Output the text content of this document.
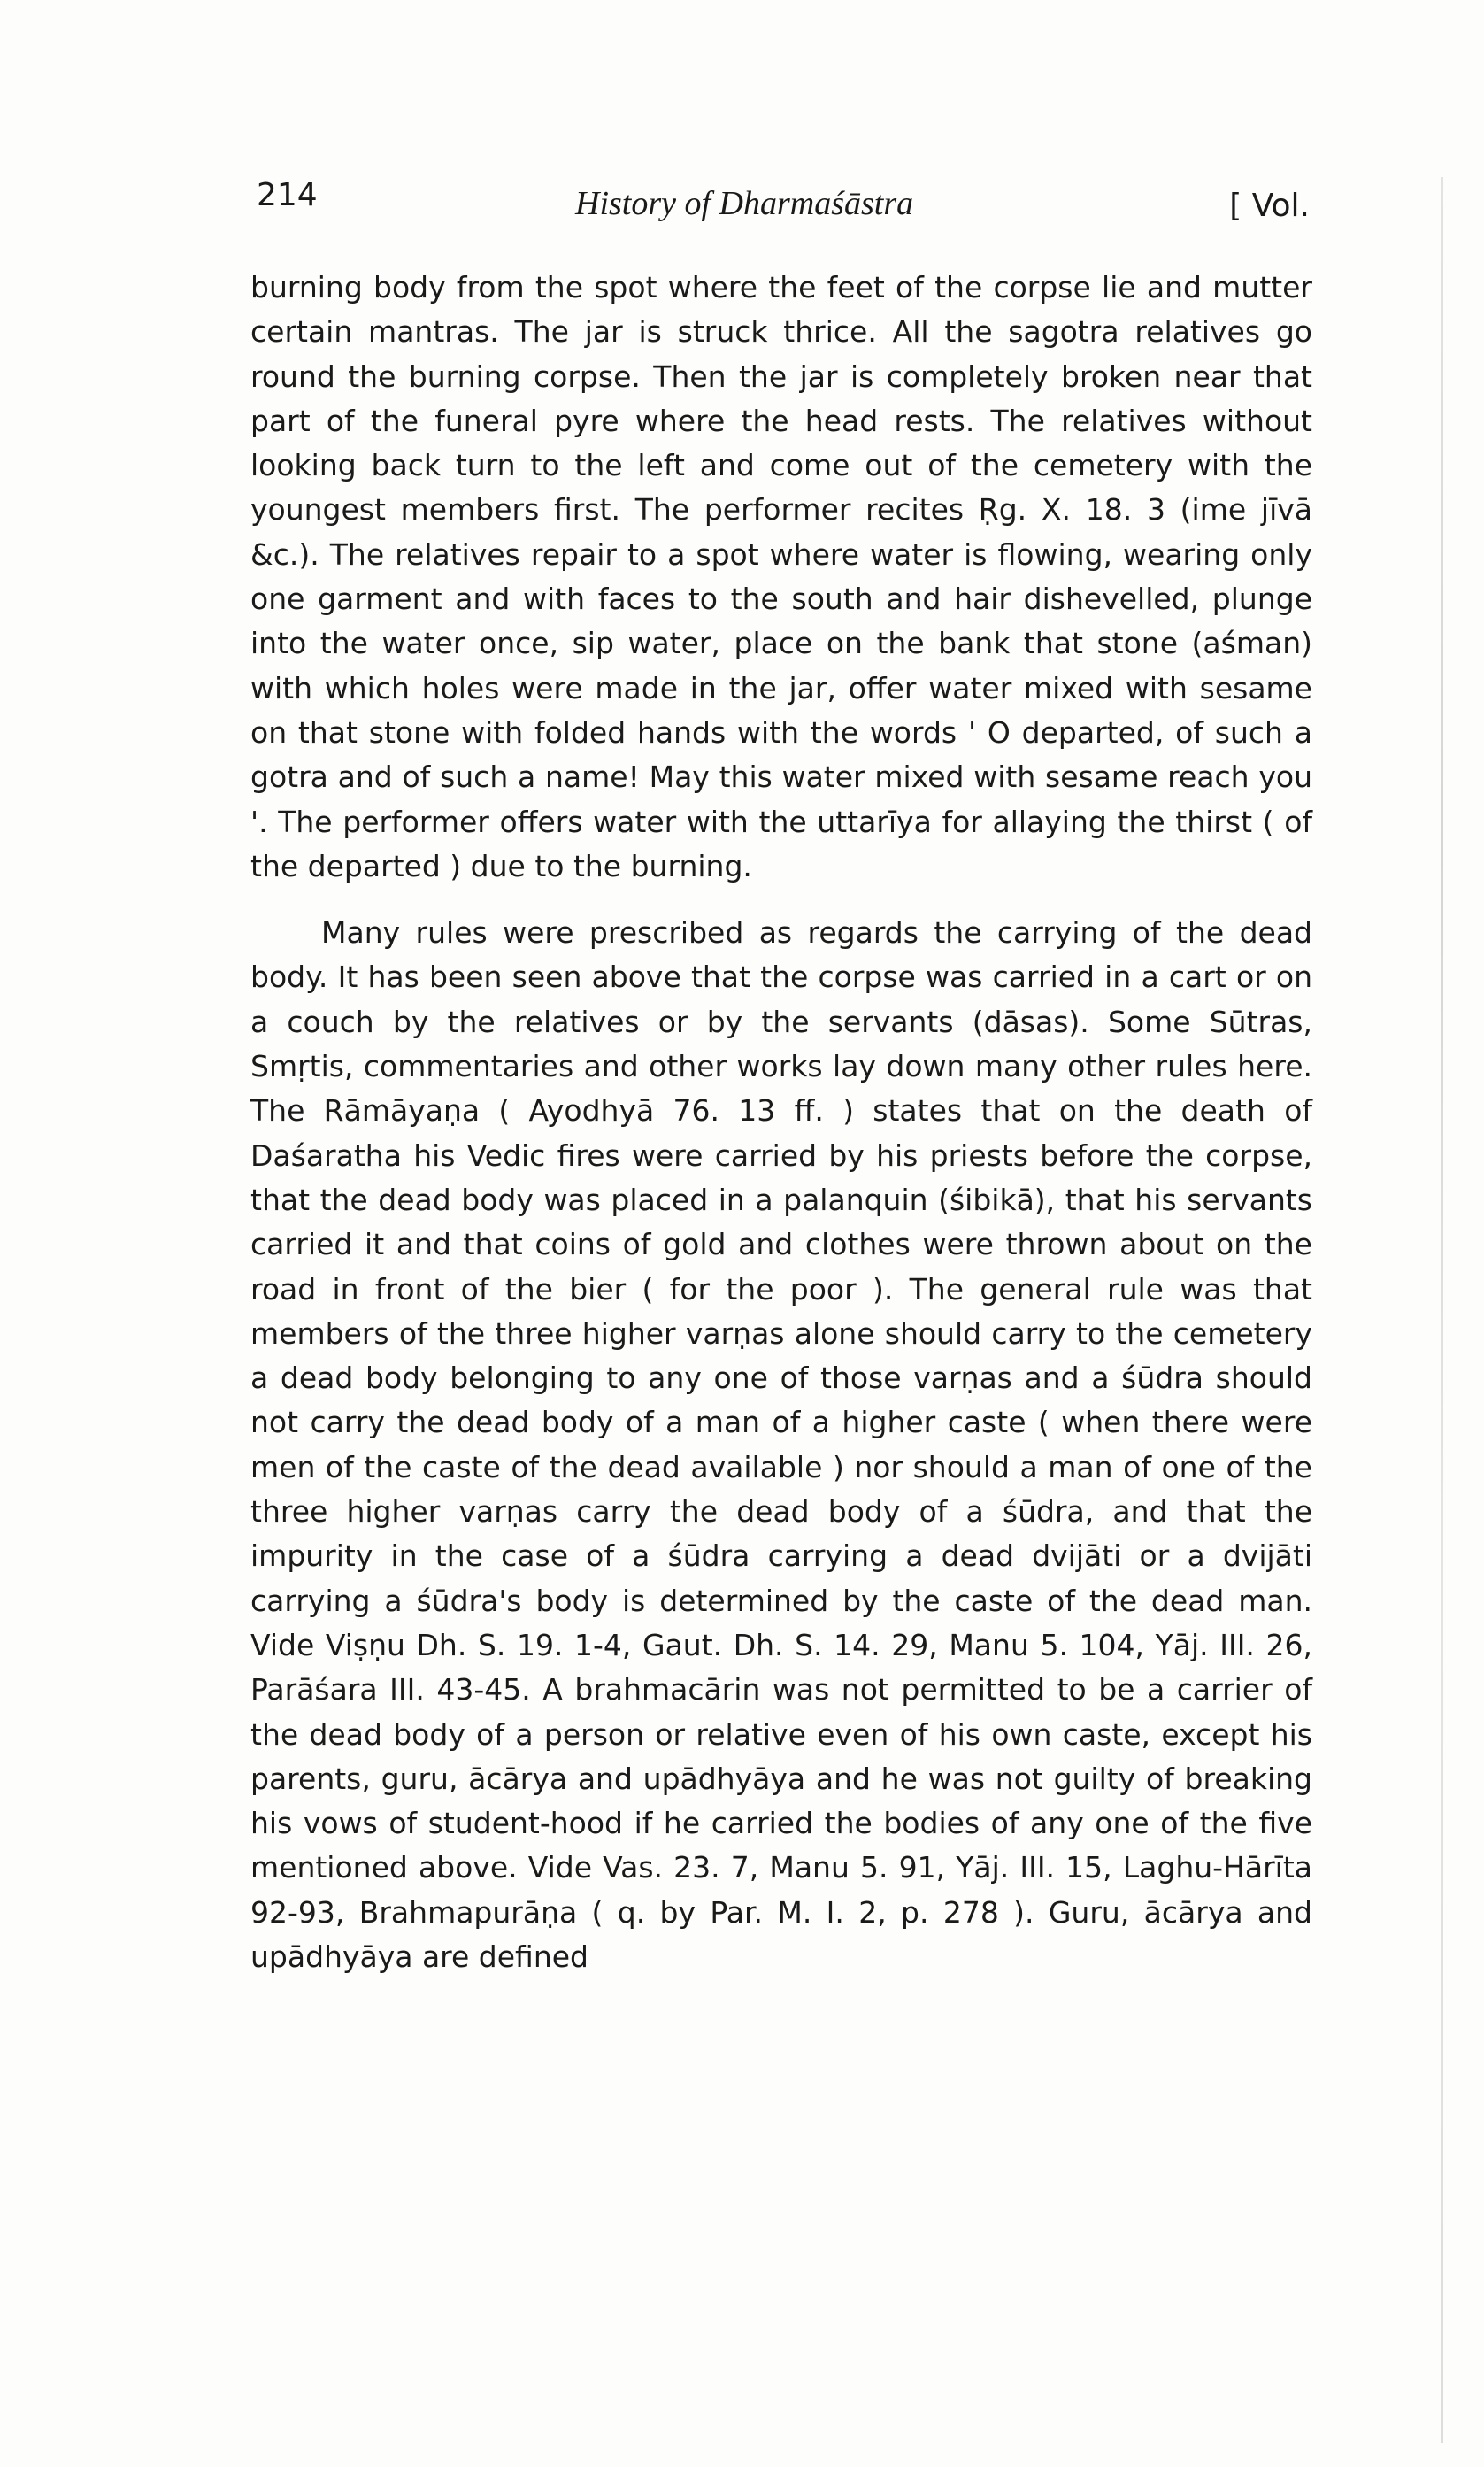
214	History of Dharmaśāstra	[ Vol.

burning body from the spot where the feet of the corpse lie and mutter certain mantras. The jar is struck thrice. All the sagotra relatives go round the burning corpse. Then the jar is completely broken near that part of the funeral pyre where the head rests. The relatives without looking back turn to the left and come out of the cemetery with the youngest members first. The performer recites Ṛg. X. 18. 3 (ime jīvā &c.). The relatives repair to a spot where water is flowing, wearing only one garment and with faces to the south and hair dishevelled, plunge into the water once, sip water, place on the bank that stone (aśman) with which holes were made in the jar, offer water mixed with sesame on that stone with folded hands with the words ' O departed, of such a gotra and of such a name! May this water mixed with sesame reach you '. The performer offers water with the uttarīya for allaying the thirst ( of the departed ) due to the burning.

Many rules were prescribed as regards the carrying of the dead body. It has been seen above that the corpse was carried in a cart or on a couch by the relatives or by the servants (dāsas). Some Sūtras, Smṛtis, commentaries and other works lay down many other rules here. The Rāmāyaṇa ( Ayodhyā 76. 13 ff. ) states that on the death of Daśaratha his Vedic fires were carried by his priests before the corpse, that the dead body was placed in a palanquin (śibikā), that his servants carried it and that coins of gold and clothes were thrown about on the road in front of the bier ( for the poor ). The general rule was that members of the three higher varṇas alone should carry to the cemetery a dead body belonging to any one of those varṇas and a śūdra should not carry the dead body of a man of a higher caste ( when there were men of the caste of the dead available ) nor should a man of one of the three higher varṇas carry the dead body of a śūdra, and that the impurity in the case of a śūdra carrying a dead dvijāti or a dvijāti carrying a śūdra's body is determined by the caste of the dead man. Vide Viṣṇu Dh. S. 19. 1-4, Gaut. Dh. S. 14. 29, Manu 5. 104, Yāj. III. 26, Parāśara III. 43-45. A brahmacārin was not permitted to be a carrier of the dead body of a person or relative even of his own caste, except his parents, guru, ācārya and upādhyāya and he was not guilty of breaking his vows of student-hood if he carried the bodies of any one of the five mentioned above. Vide Vas. 23. 7, Manu 5. 91, Yāj. III. 15, Laghu-Hārīta 92-93, Brahmapurāṇa ( q. by Par. M. I. 2, p. 278 ). Guru, ācārya and upādhyāya are defined
